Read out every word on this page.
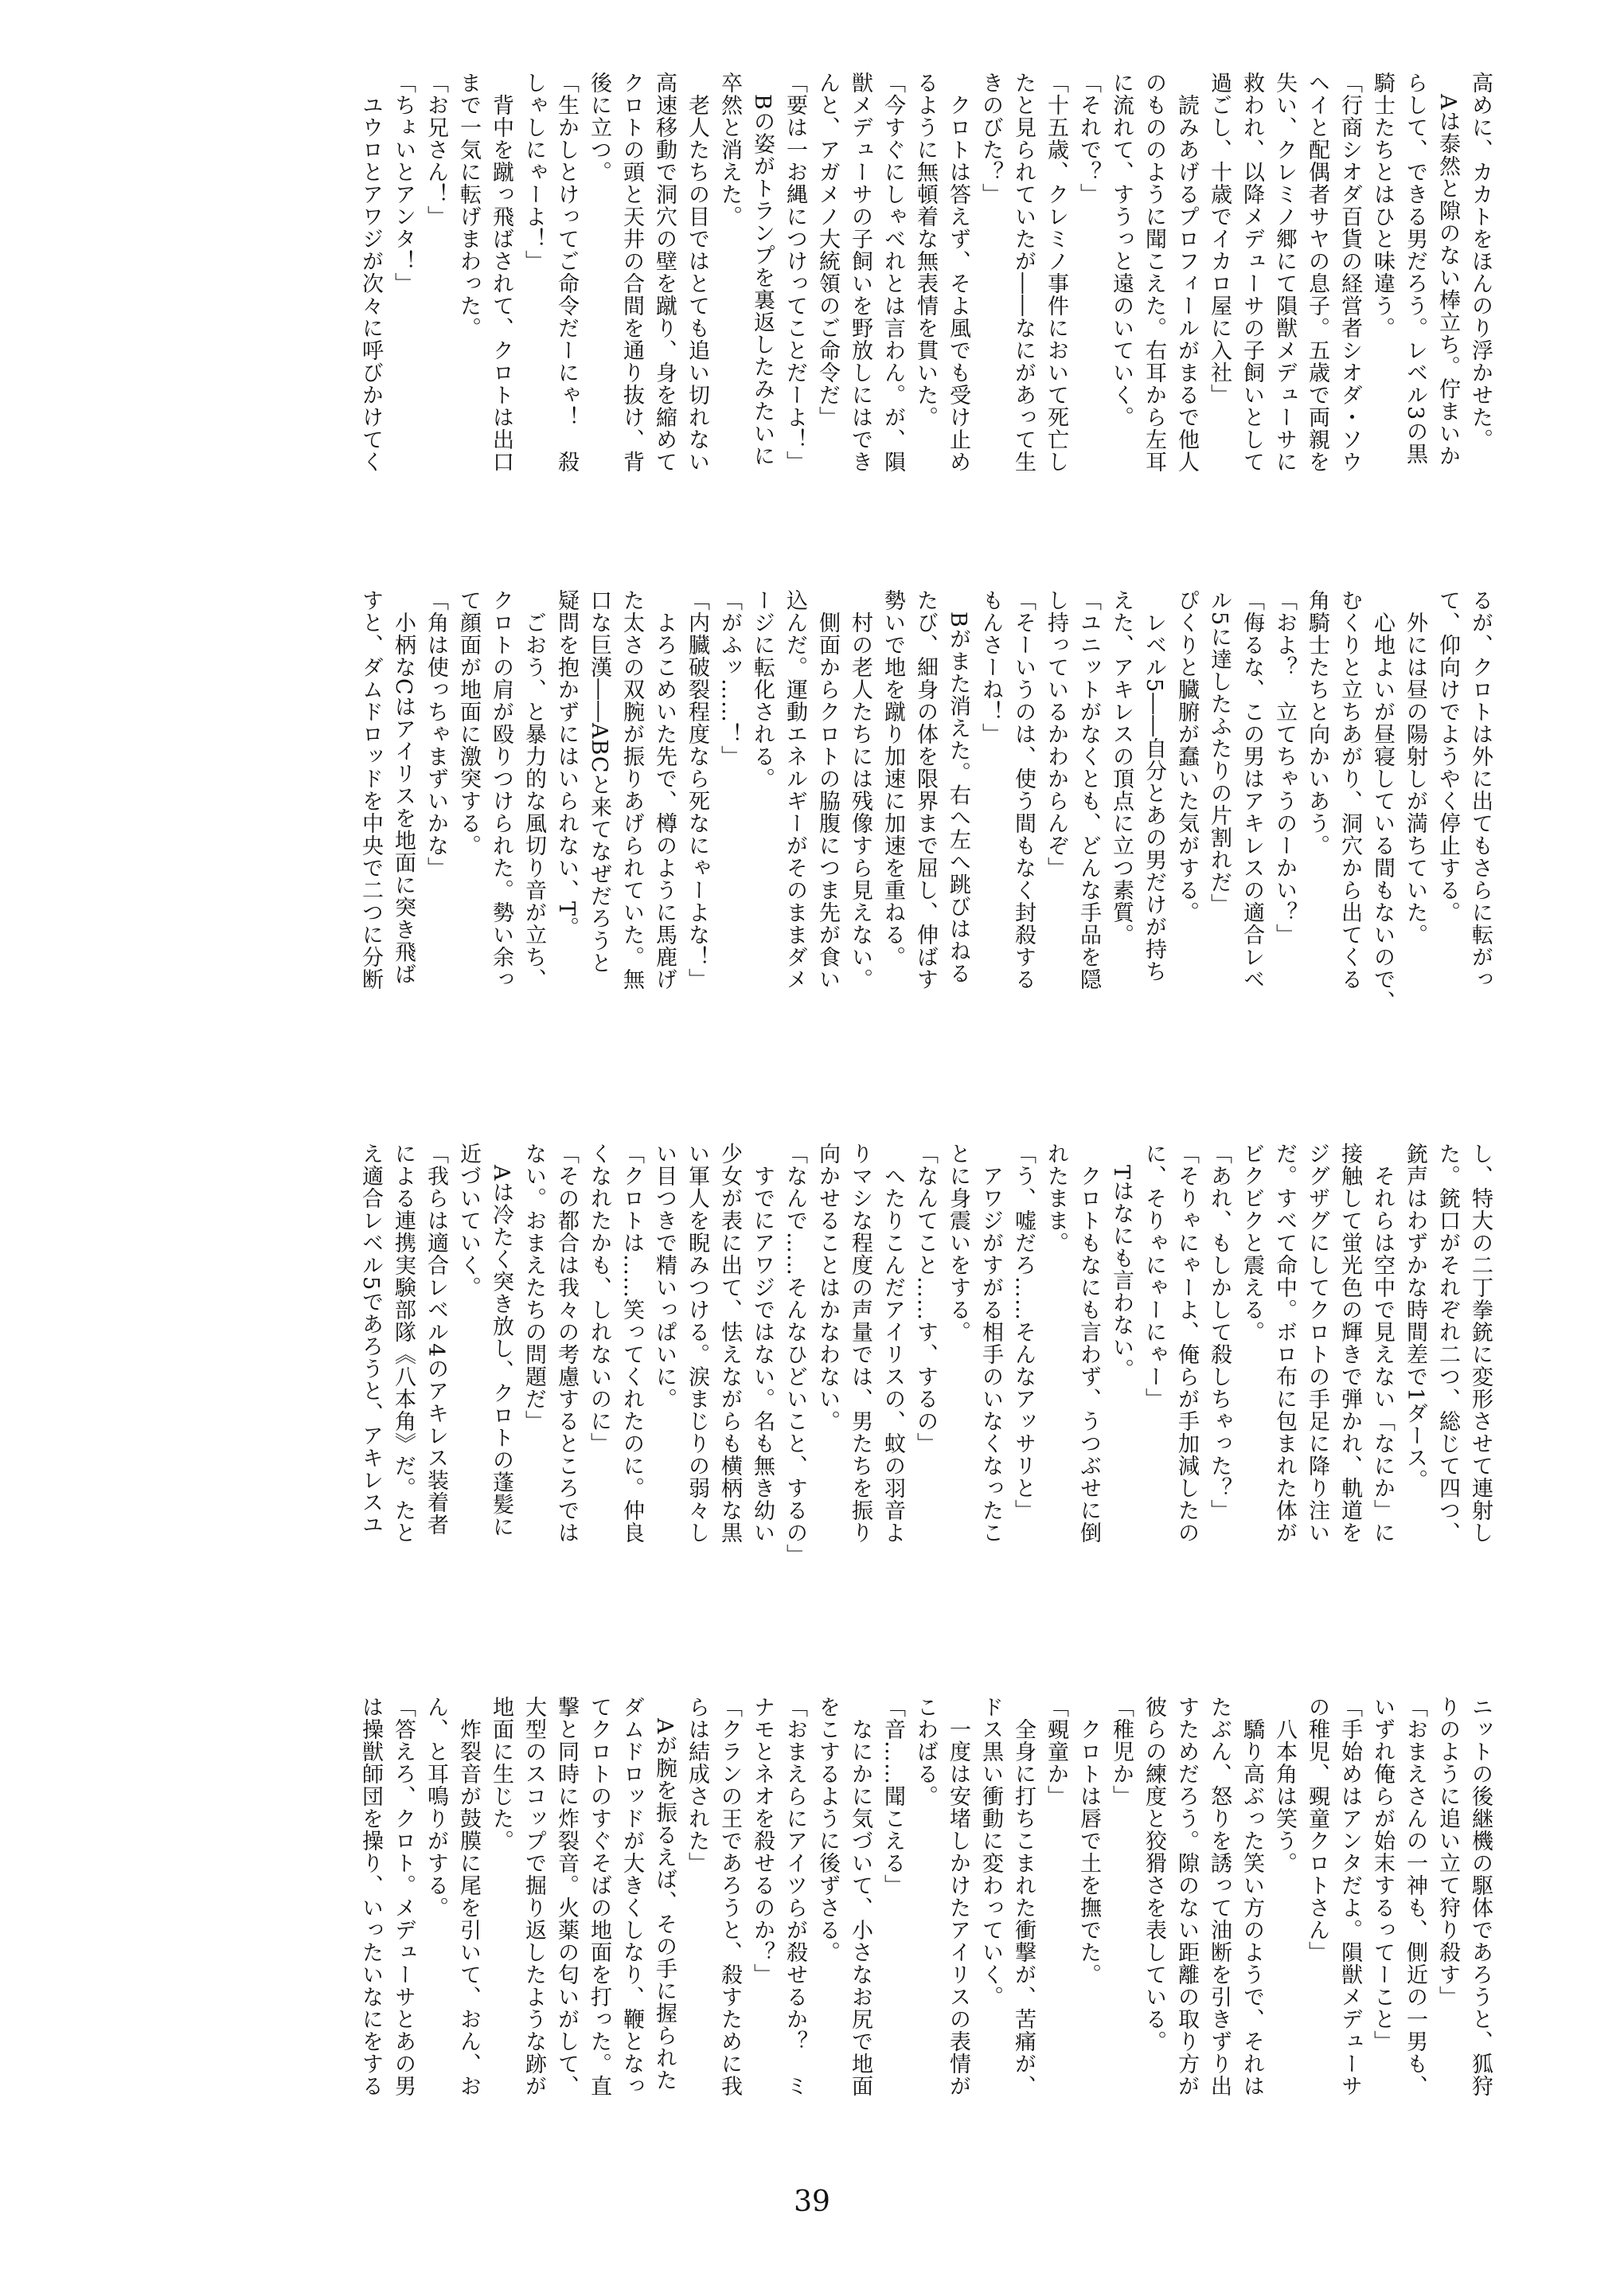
高めに、カカトをほんのり浮かせた。
　Aは泰然と隙のない棒立ち。佇まいか
らして、できる男だろう。レベル3の黒
騎士たちとはひと味違う。
「行商シオダ百貨の経営者シオダ・ソウ
ヘイと配偶者サヤの息子。五歳で両親を
失い、クレミノ郷にて隕獣メデューサに
救われ、以降メデューサの子飼いとして
過ごし、十歳でイカロ屋に入社」
　読みあげるプロフィールがまるで他人
のもののように聞こえた。右耳から左耳
に流れて、すうっと遠のいていく。
「それで？」
「十五歳、クレミノ事件において死亡し
たと見られていたが――なにがあって生
きのびた？」
　クロトは答えず、そよ風でも受け止め
るように無頓着な無表情を貫いた。
「今すぐにしゃべれとは言わん。が、隕
獣メデューサの子飼いを野放しにはでき
んと、アガメノ大統領のご命令だ」
「要は一お縄につけってことだーよ！」
　Bの姿がトランプを裏返したみたいに
卒然と消えた。
　老人たちの目ではとても追い切れない
高速移動で洞穴の壁を蹴り、身を縮めて
クロトの頭と天井の合間を通り抜け、背
後に立つ。
「生かしとけってご命令だーにゃ！　殺
しゃしにゃーよ！」
　背中を蹴っ飛ばされて、クロトは出口
まで一気に転げまわった。
「お兄さん！」
「ちょいとアンタ！」
　ユウロとアワジが次々に呼びかけてく
るが、クロトは外に出てもさらに転がっ
て、仰向けでようやく停止する。
　外には昼の陽射しが満ちていた。
　心地よいが昼寝している間もないので、
むくりと立ちあがり、洞穴から出てくる
角騎士たちと向かいあう。
「およ？　立てちゃうのーかい？」
「侮るな、この男はアキレスの適合レベ
ル5に達したふたりの片割れだ」
ぴくりと臓腑が蠢いた気がする。
　レベル5――自分とあの男だけが持ち
えた、アキレスの頂点に立つ素質。
「ユニットがなくとも、どんな手品を隠
し持っているかわからんぞ」
「そーいうのは、使う間もなく封殺する
もんさーね！」
　Bがまた消えた。右へ左へ跳びはねる
たび、細身の体を限界まで屈し、伸ばす
勢いで地を蹴り加速に加速を重ねる。
　村の老人たちには残像すら見えない。
　側面からクロトの脇腹につま先が食い
込んだ。運動エネルギーがそのままダメ
ージに転化される。
「がふッ……！」
「内臓破裂程度なら死なにゃーよな！」
　よろこめいた先で、樽のように馬鹿げ
た太さの双腕が振りあげられていた。無
口な巨漢――ABCと来てなぜだろうと
疑問を抱かずにはいられない、T。
　ごおう、と暴力的な風切り音が立ち、
クロトの肩が殴りつけられた。勢い余っ
て顔面が地面に激突する。
「角は使っちゃまずいかな」
　小柄なCはアイリスを地面に突き飛ば
すと、ダムドロッドを中央で二つに分断
し、特大の二丁拳銃に変形させて連射し
た。銃口がそれぞれ二つ、総じて四つ、
銃声はわずかな時間差で1ダース。
　それらは空中で見えない「なにか」に
接触して蛍光色の輝きで弾かれ、軌道を
ジグザグにしてクロトの手足に降り注い
だ。すべて命中。ボロ布に包まれた体が
ビクビクと震える。
「あれ、もしかして殺しちゃった？」
「そりゃにゃーよ、俺らが手加減したの
に、そりゃにゃーにゃー」
　Tはなにも言わない。
　クロトもなにも言わず、うつぶせに倒
れたまま。
「う、嘘だろ……そんなアッサリと」
　アワジがすがる相手のいなくなったこ
とに身震いをする。
「なんてこと……す、するの」
　へたりこんだアイリスの、蚊の羽音よ
りマシな程度の声量では、男たちを振り
向かせることはかなわない。
「なんで……そんなひどいこと、するの」
　すでにアワジではない。名も無き幼い
少女が表に出て、怯えながらも横柄な黒
い軍人を睨みつける。涙まじりの弱々し
い目つきで精いっぱいに。
「クロトは……笑ってくれたのに。仲良
くなれたかも、しれないのに」
「その都合は我々の考慮するところでは
ない。おまえたちの問題だ」
　Aは冷たく突き放し、クロトの蓬髪に
近づいていく。
「我らは適合レベル4のアキレス装着者
による連携実験部隊《八本角》だ。たと
え適合レベル5であろうと、アキレスユ
ニットの後継機の駆体であろうと、狐狩
りのように追い立て狩り殺す」
「おまえさんの一神も、側近の一男も、
いずれ俺らが始末するってーこと」
「手始めはアンタだよ。隕獣メデューサ
の稚児、覡童クロトさん」
　八本角は笑う。
　驕り高ぶった笑い方のようで、それは
たぶん、怒りを誘って油断を引きずり出
すためだろう。隙のない距離の取り方が
彼らの練度と狡猾さを表している。
「稚児か」
　クロトは唇で土を撫でた。
「覡童か」
　全身に打ちこまれた衝撃が、苦痛が、
ドス黒い衝動に変わっていく。
　一度は安堵しかけたアイリスの表情が
こわばる。
「音……聞こえる」
　なにかに気づいて、小さなお尻で地面
をこするように後ずさる。
「おまえらにアイツらが殺せるか？　ミ
ナモとネオを殺せるのか？」
「クランの王であろうと、殺すために我
らは結成された」
　Aが腕を振るえば、その手に握られた
ダムドロッドが大きくしなり、鞭となっ
てクロトのすぐそばの地面を打った。直
撃と同時に炸裂音。火薬の匂いがして、
大型のスコップで掘り返したような跡が
地面に生じた。
　炸裂音が鼓膜に尾を引いて、おん、お
ん、と耳鳴りがする。
「答えろ、クロト。メデューサとあの男
は操獣師団を操り、いったいなにをする
39
